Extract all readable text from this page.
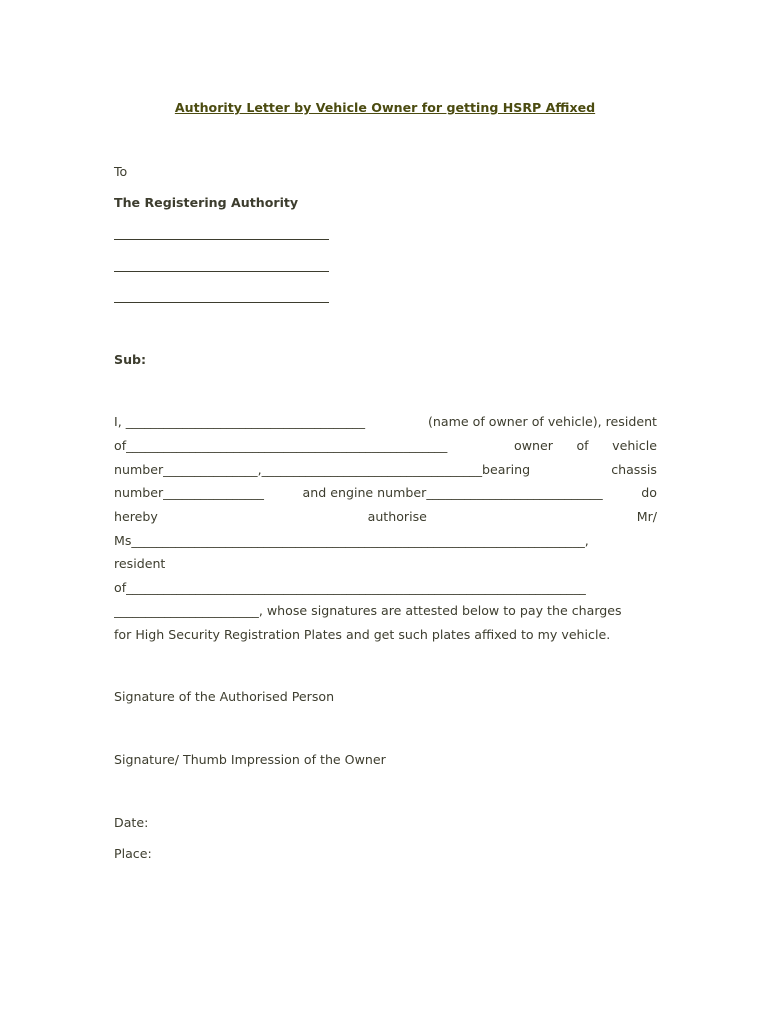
Authority Letter by Vehicle Owner for getting HSRP Affixed
To
The Registering Authority
Sub:
I, ______________________________________	(name of owner of vehicle), resident
of___________________________________________________	owner of vehicle
number_______________,___________________________________bearing	chassis
number________________	and engine number____________________________	do
hereby	authorise	Mr/
Ms________________________________________________________________________,
resident
of_________________________________________________________________________
_______________________, whose signatures are attested below to pay the charges
for High Security Registration Plates and get such plates affixed to my vehicle.
Signature of the Authorised Person
Signature/ Thumb Impression of the Owner
Date:
Place:
